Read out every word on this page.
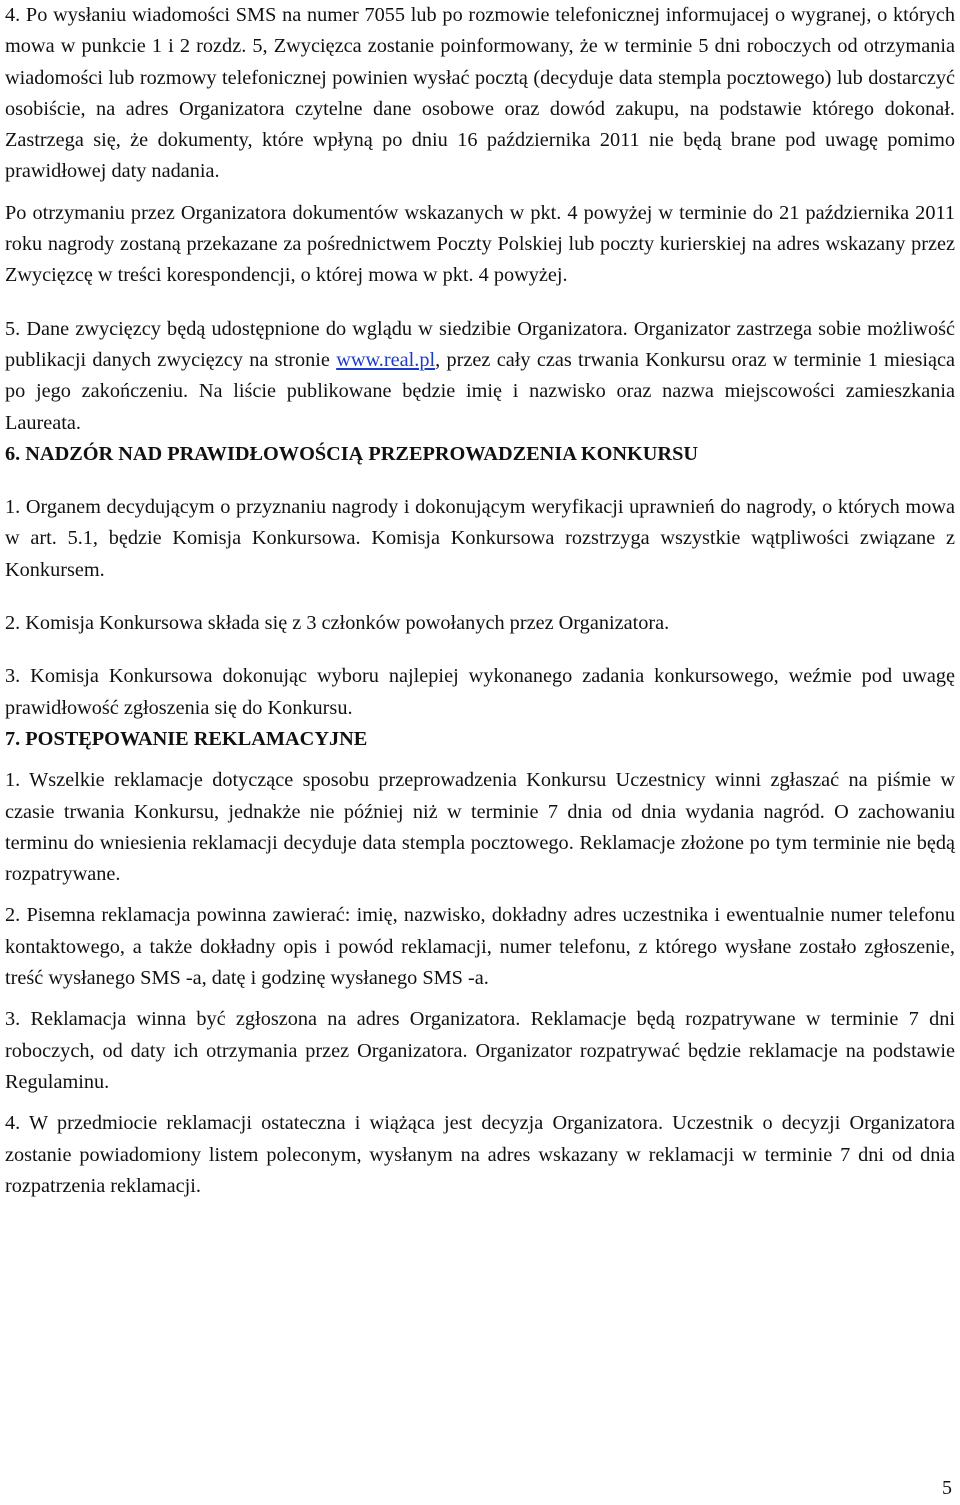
4. Po wysłaniu wiadomości SMS na numer 7055 lub po rozmowie telefonicznej informujacej o wygranej, o których mowa w punkcie 1 i 2 rozdz. 5, Zwycięzca zostanie poinformowany, że w terminie 5 dni roboczych od otrzymania wiadomości lub rozmowy telefonicznej powinien wysłać pocztą (decyduje data stempla pocztowego) lub dostarczyć osobiście, na adres Organizatora czytelne dane osobowe oraz dowód zakupu, na podstawie którego dokonał. Zastrzega się, że dokumenty, które wpłyną po dniu 16 października 2011 nie będą brane pod uwagę pomimo prawidłowej daty nadania.

Po otrzymaniu przez Organizatora dokumentów wskazanych w pkt. 4 powyżej w terminie do 21 października 2011 roku nagrody zostaną przekazane za pośrednictwem Poczty Polskiej lub poczty kurierskiej na adres wskazany przez Zwycięzcę w treści korespondencji, o której mowa w pkt. 4 powyżej.

5. Dane zwycięzcy będą udostępnione do wglądu w siedzibie Organizatora. Organizator zastrzega sobie możliwość publikacji danych zwycięzcy na stronie www.real.pl, przez cały czas trwania Konkursu oraz w terminie 1 miesiąca po jego zakończeniu. Na liście publikowane będzie imię i nazwisko oraz nazwa miejscowości zamieszkania Laureata.

6. NADZÓR NAD PRAWIDŁOWOŚCIĄ PRZEPROWADZENIA KONKURSU

1. Organem decydującym o przyznaniu nagrody i dokonującym weryfikacji uprawnień do nagrody, o których mowa w art. 5.1, będzie Komisja Konkursowa. Komisja Konkursowa rozstrzyga wszystkie wątpliwości związane z Konkursem.

2. Komisja Konkursowa składa się z 3 członków powołanych przez Organizatora.

3. Komisja Konkursowa dokonując wyboru najlepiej wykonanego zadania konkursowego, weźmie pod uwagę prawidłowość zgłoszenia się do Konkursu.

7. POSTĘPOWANIE REKLAMACYJNE

1. Wszelkie reklamacje dotyczące sposobu przeprowadzenia Konkursu Uczestnicy winni zgłaszać na piśmie w czasie trwania Konkursu, jednakże nie później niż w terminie 7 dnia od dnia wydania nagród. O zachowaniu terminu do wniesienia reklamacji decyduje data stempla pocztowego. Reklamacje złożone po tym terminie nie będą rozpatrywane.

2. Pisemna reklamacja powinna zawierać: imię, nazwisko, dokładny adres uczestnika i ewentualnie numer telefonu kontaktowego, a także dokładny opis i powód reklamacji, numer telefonu, z którego wysłane zostało zgłoszenie, treść wysłanego SMS -a, datę i godzinę wysłanego SMS -a.

3. Reklamacja winna być zgłoszona na adres Organizatora. Reklamacje będą rozpatrywane w terminie 7 dni roboczych, od daty ich otrzymania przez Organizatora. Organizator rozpatrywać będzie reklamacje na podstawie Regulaminu.

4. W przedmiocie reklamacji ostateczna i wiążąca jest decyzja Organizatora. Uczestnik o decyzji Organizatora zostanie powiadomiony listem poleconym, wysłanym na adres wskazany w reklamacji w terminie 7 dni od dnia rozpatrzenia reklamacji.

5
